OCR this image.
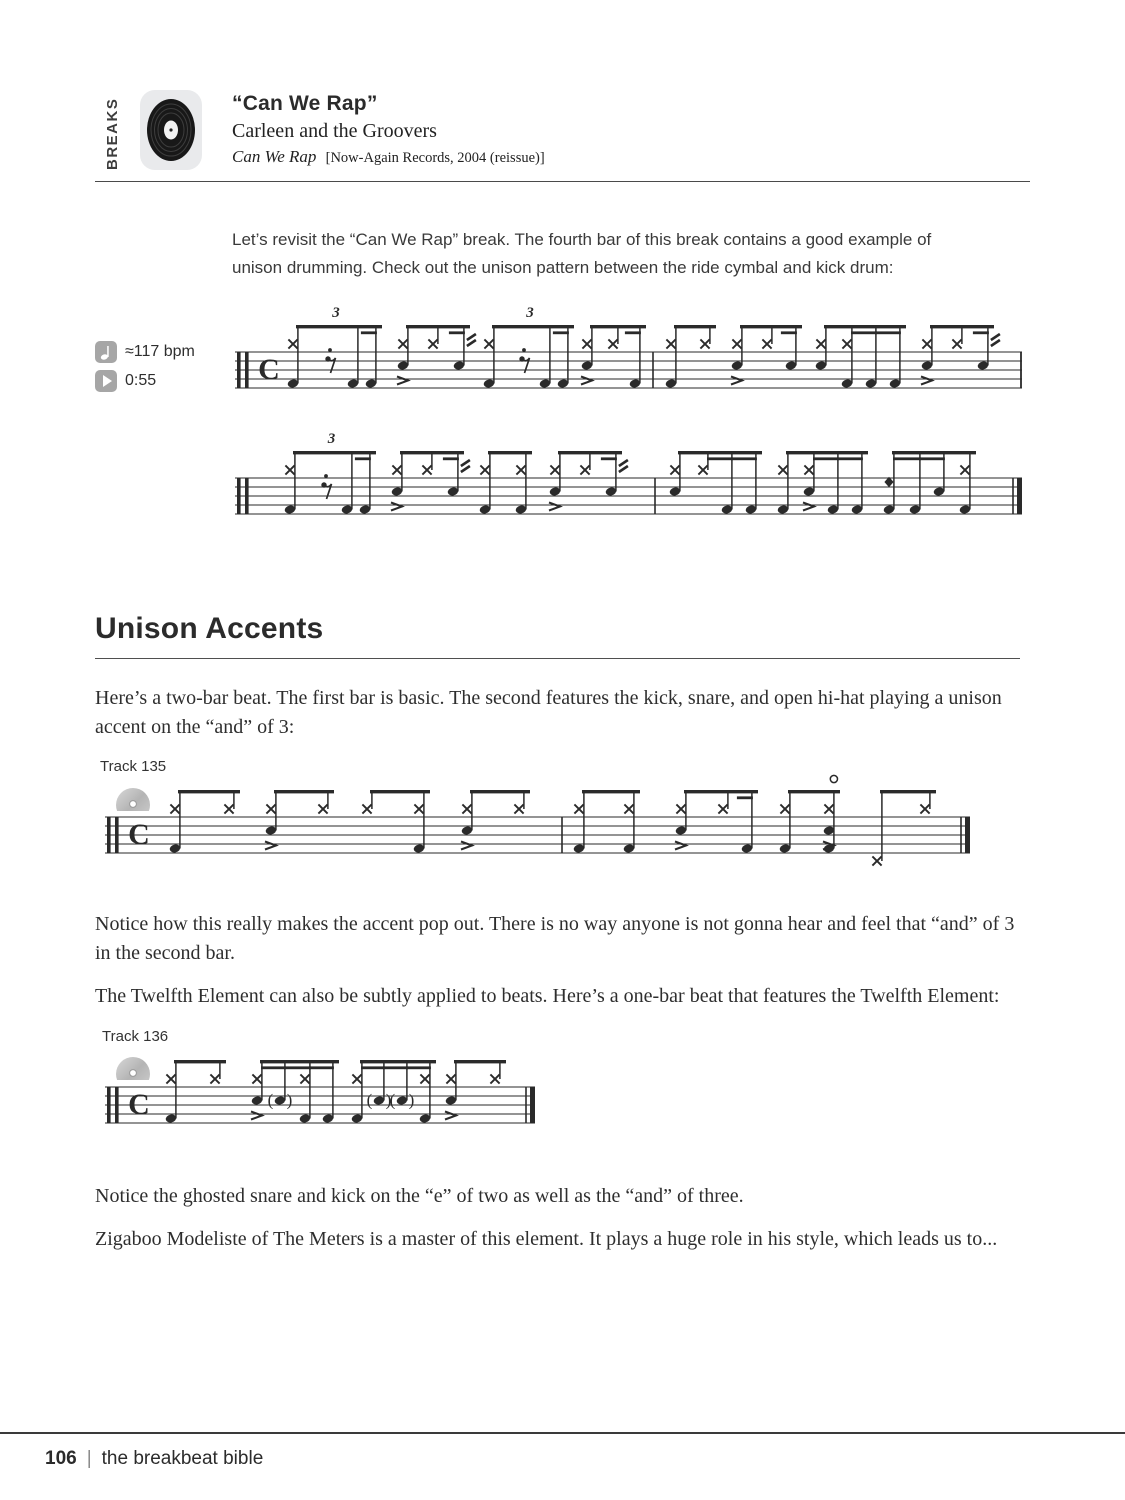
BREAKS	“Can We Rap”
Carleen and the Groovers
Can We Rap [Now-Again Records, 2004 (reissue)]
Let’s revisit the “Can We Rap” break. The fourth bar of this break contains a good example of unison drumming. Check out the unison pattern between the ride cymbal and kick drum:
≈117 bpm
0:55	C
3	3
3
C
C	( )	( )
( )
Unison Accents
Here’s a two-bar beat. The first bar is basic. The second features the kick, snare, and open hi-hat playing a unison accent on the “and” of 3:
Track 135
Notice how this really makes the accent pop out. There is no way anyone is not gonna hear and feel that “and” of 3 in the second bar.
The Twelfth Element can also be subtly applied to beats. Here’s a one-bar beat that features the Twelfth Element:
Track 136
Notice the ghosted snare and kick on the “e” of two as well as the “and” of three.
Zigaboo Modeliste of The Meters is a master of this element. It plays a huge role in his style, which leads us to...
106 | the breakbeat bible
